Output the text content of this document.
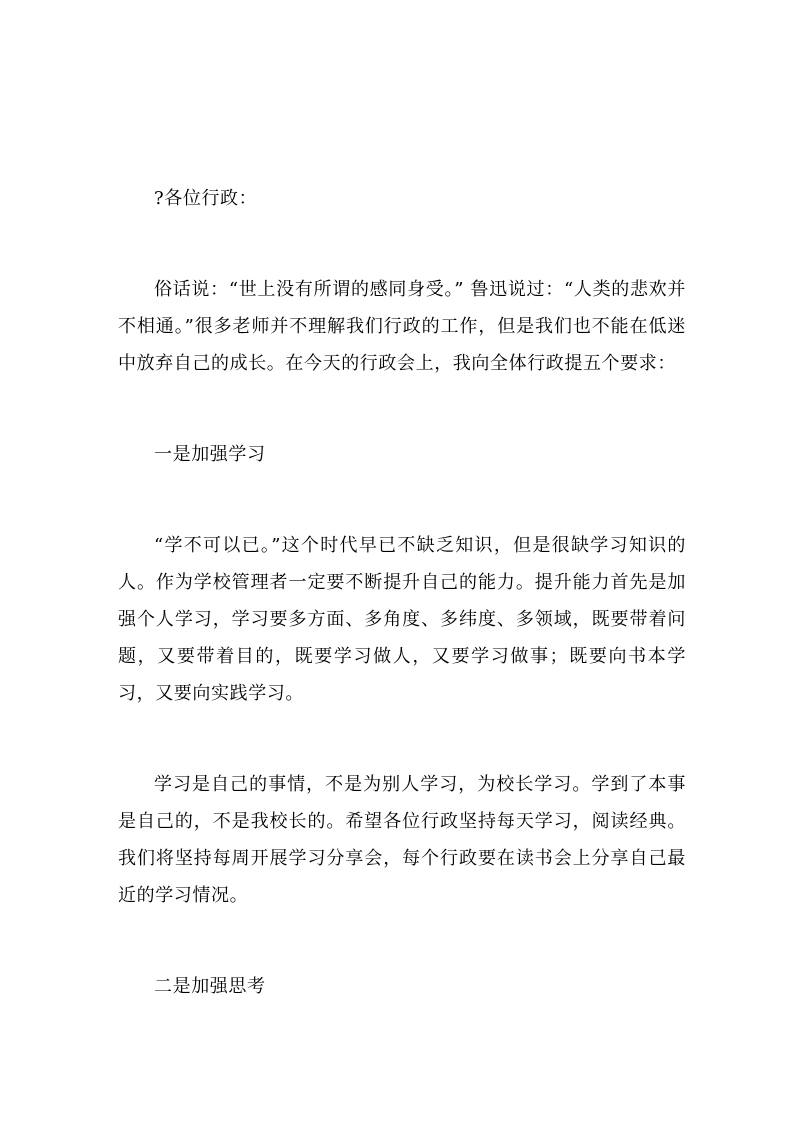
?各位行政：

俗话说：“世上没有所谓的感同身受。” 鲁迅说过：“人类的悲欢并不相通。”很多老师并不理解我们行政的工作，但是我们也不能在低迷中放弃自己的成长。在今天的行政会上，我向全体行政提五个要求：

一是加强学习

“学不可以已。”这个时代早已不缺乏知识，但是很缺学习知识的人。作为学校管理者一定要不断提升自己的能力。提升能力首先是加强个人学习，学习要多方面、多角度、多纬度、多领域，既要带着问题，又要带着目的，既要学习做人，又要学习做事；既要向书本学习，又要向实践学习。

学习是自己的事情，不是为别人学习，为校长学习。学到了本事是自己的，不是我校长的。希望各位行政坚持每天学习，阅读经典。我们将坚持每周开展学习分享会，每个行政要在读书会上分享自己最近的学习情况。

二是加强思考
